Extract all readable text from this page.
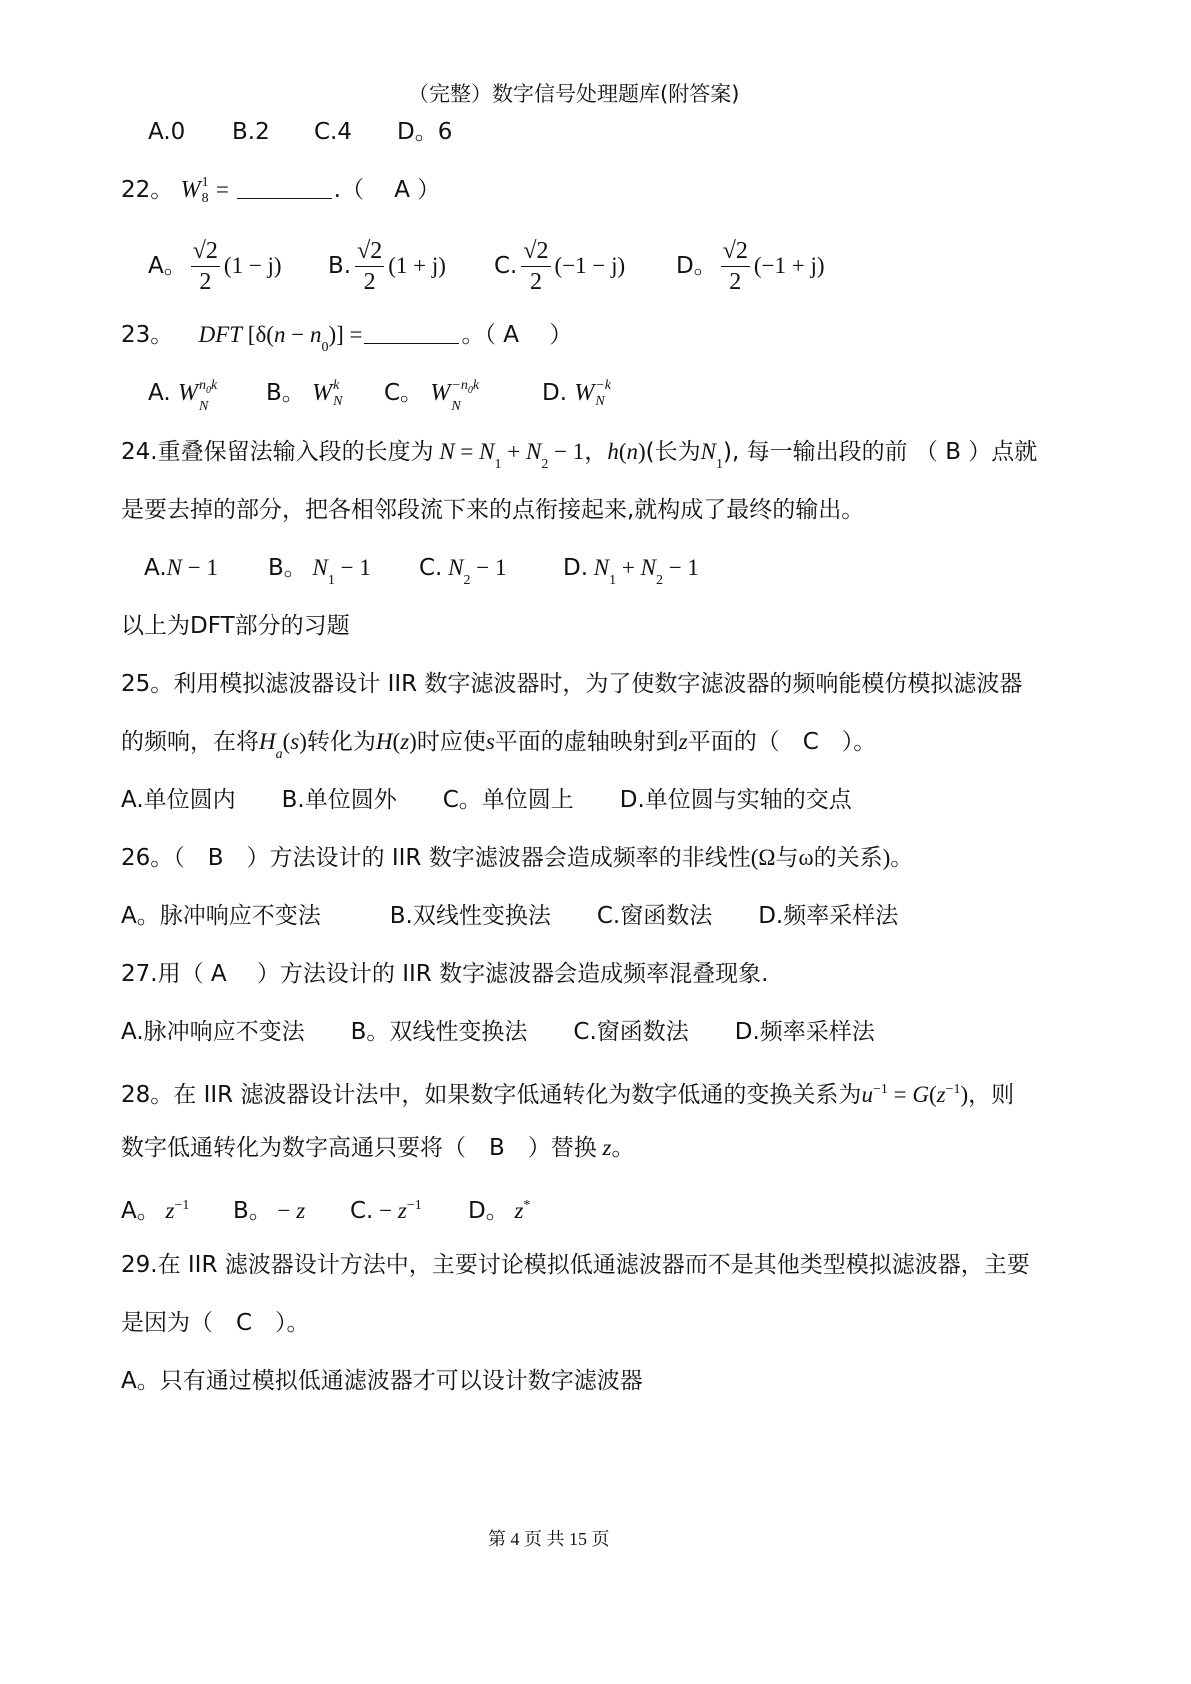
（完整）数字信号处理题库(附答案)
A.0 B.2 C.4 D。6
22。 W 1
8 =	.（　 A ）
A。 $\frac{√2}{2} (1 - j)$ B. $\frac{√2}{2} (1 + j)$ C. $\frac{√2}{2} (-1 - j)$ D。 $\frac{√2}{2} (-1 + j)$
23。 DFT $[\delta(n - n_0)]$ =	。（ A　 ）
A. W $n_0k$
N
B。 W k
N C。 $W -n_0k$
N
D. W −k
N
24.重叠保留法输入段的长度为 $N = N_1 + N_2 - 1$，h(n)(长为$N_1$), 每一输出段的前 （ B ）点就
是要去掉的部分，把各相邻段流下来的点衔接起来,就构成了最终的输出。
A.N − 1 B。 $N_1 - 1$ C. $N_2 - 1$ D. $N_1 + N_2 - 1$
以上为DFT部分的习题
25。利用模拟滤波器设计 IIR 数字滤波器时，为了使数字滤波器的频响能模仿模拟滤波器
的频响，在将$H_a(s)$转化为H(z)时应使s平面的虚轴映射到z平面的（　C　）。
A.单位圆内　　B.单位圆外　　C。单位圆上　　D.单位圆与实轴的交点
26。（　B　）方法设计的 IIR 数字滤波器会造成频率的非线性(Ω与ω的关系)。
A。脉冲响应不变法　　　B.双线性变换法　　C.窗函数法　　D.频率采样法
27.用（ A　 ）方法设计的 IIR 数字滤波器会造成频率混叠现象.
A.脉冲响应不变法　　B。双线性变换法　　C.窗函数法　　D.频率采样法
28。在 IIR 滤波器设计法中，如果数字低通转化为数字低通的变换关系为$u^{-1} = G(z^{-1})$，则
数字低通转化为数字高通只要将（　B　）替换 z。
A。 $z^{-1}$ B。 − z C. − $z^{-1}$ D。 z*
29.在 IIR 滤波器设计方法中，主要讨论模拟低通滤波器而不是其他类型模拟滤波器，主要
是因为（　C　）。
A。只有通过模拟低通滤波器才可以设计数字滤波器
第 4 页 共 15 页
